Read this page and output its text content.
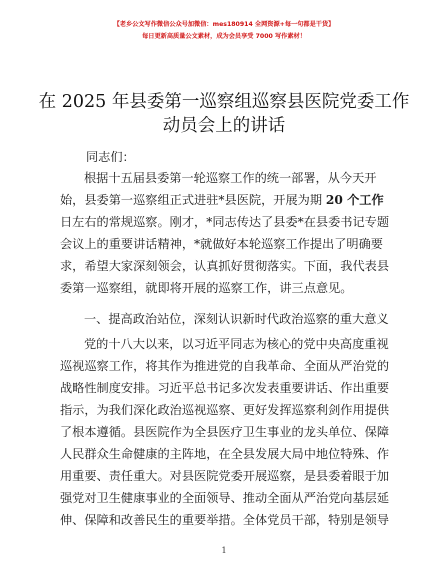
【老乡公文写作微信公众号加微信：mes180914 全网资源+每一句都是干货】
每日更新高质量公文素材，成为会员享受 7000 写作素材！
在 2025 年县委第一巡察组巡察县医院党委工作
动员会上的讲话
同志们：
根据十五届县委第一轮巡察工作的统一部署，从今天开
始，县委第一巡察组正式进驻*县医院，开展为期 20 个工作
日左右的常规巡察。刚才，*同志传达了县委*在县委书记专题
会议上的重要讲话精神，*就做好本轮巡察工作提出了明确要
求，希望大家深刻领会，认真抓好贯彻落实。下面，我代表县
委第一巡察组，就即将开展的巡察工作，讲三点意见。
一、提高政治站位，深刻认识新时代政治巡察的重大意义
党的十八大以来，以习近平同志为核心的党中央高度重视
巡视巡察工作，将其作为推进党的自我革命、全面从严治党的
战略性制度安排。习近平总书记多次发表重要讲话、作出重要
指示，为我们深化政治巡视巡察、更好发挥巡察利剑作用提供
了根本遵循。县医院作为全县医疗卫生事业的龙头单位、保障
人民群众生命健康的主阵地，在全县发展大局中地位特殊、作
用重要、责任重大。对县医院党委开展巡察，是县委着眼于加
强党对卫生健康事业的全面领导、推动全面从严治党向基层延
伸、保障和改善民生的重要举措。全体党员干部，特别是领导
1
